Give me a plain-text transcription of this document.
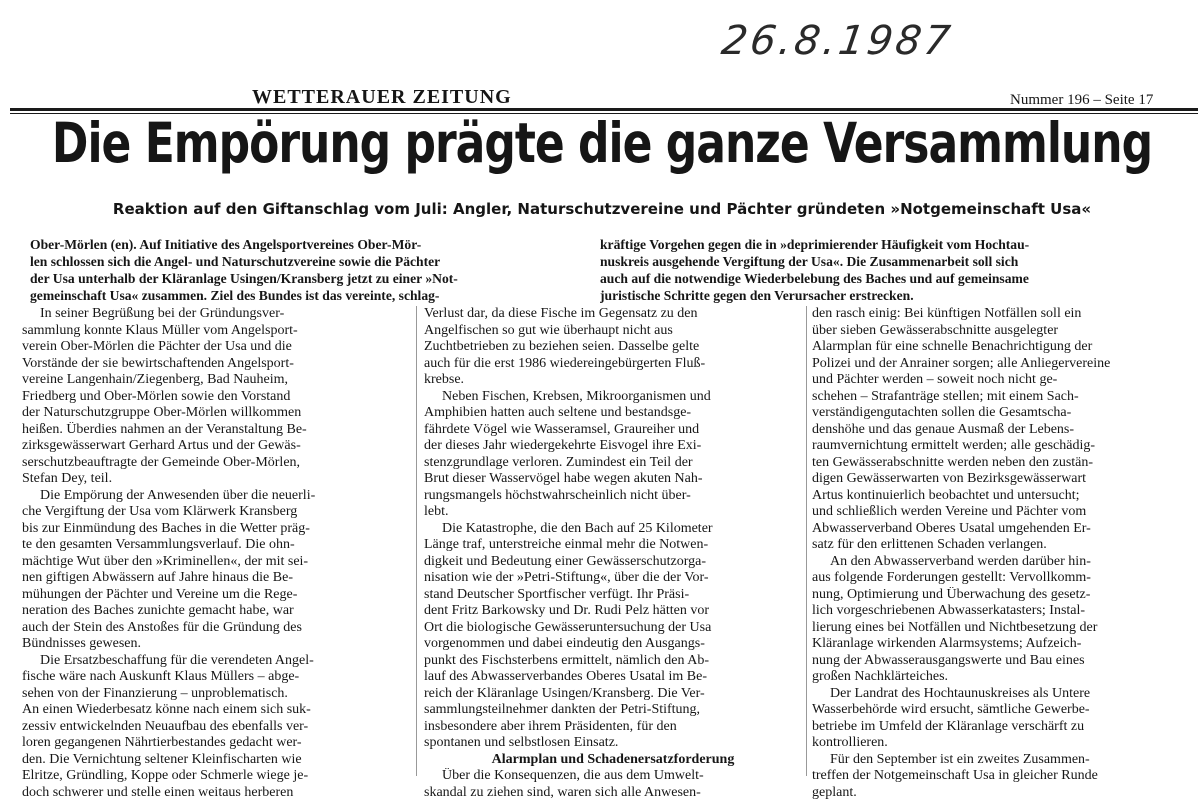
26.8.1987
WETTERAUER ZEITUNG	Nummer 196 – Seite 17
Die Empörung prägte die ganze Versammlung
Reaktion auf den Giftanschlag vom Juli: Angler, Naturschutzvereine und Pächter gründeten »Notgemeinschaft Usa«
Ober-Mörlen (en). Auf Initiative des Angelsportvereines Ober-Mör-
len schlossen sich die Angel- und Naturschutzvereine sowie die Pächter
der Usa unterhalb der Kläranlage Usingen/Kransberg jetzt zu einer »Not-
gemeinschaft Usa« zusammen. Ziel des Bundes ist das vereinte, schlag-
kräftige Vorgehen gegen die in »deprimierender Häufigkeit vom Hochtau-
nuskreis ausgehende Vergiftung der Usa«. Die Zusammenarbeit soll sich
auch auf die notwendige Wiederbelebung des Baches und auf gemeinsame
juristische Schritte gegen den Verursacher erstrecken.
In seiner Begrüßung bei der Gründungsver-
sammlung konnte Klaus Müller vom Angelsport-
verein Ober-Mörlen die Pächter der Usa und die
Vorstände der sie bewirtschaftenden Angelsport-
vereine Langenhain/Ziegenberg, Bad Nauheim,
Friedberg und Ober-Mörlen sowie den Vorstand
der Naturschutzgruppe Ober-Mörlen willkommen
heißen. Überdies nahmen an der Veranstaltung Be-
zirksgewässerwart Gerhard Artus und der Gewäs-
serschutzbeauftragte der Gemeinde Ober-Mörlen,
Stefan Dey, teil.
Die Empörung der Anwesenden über die neuerli-
che Vergiftung der Usa vom Klärwerk Kransberg
bis zur Einmündung des Baches in die Wetter präg-
te den gesamten Versammlungsverlauf. Die ohn-
mächtige Wut über den »Kriminellen«, der mit sei-
nen giftigen Abwässern auf Jahre hinaus die Be-
mühungen der Pächter und Vereine um die Rege-
neration des Baches zunichte gemacht habe, war
auch der Stein des Anstoßes für die Gründung des
Bündnisses gewesen.
Die Ersatzbeschaffung für die verendeten Angel-
fische wäre nach Auskunft Klaus Müllers – abge-
sehen von der Finanzierung – unproblematisch.
An einen Wiederbesatz könne nach einem sich suk-
zessiv entwickelnden Neuaufbau des ebenfalls ver-
loren gegangenen Nährtierbestandes gedacht wer-
den. Die Vernichtung seltener Kleinfischarten wie
Elritze, Gründling, Koppe oder Schmerle wiege je-
doch schwerer und stelle einen weitaus herberen
Verlust dar, da diese Fische im Gegensatz zu den
Angelfischen so gut wie überhaupt nicht aus
Zuchtbetrieben zu beziehen seien. Dasselbe gelte
auch für die erst 1986 wiedereingebürgerten Fluß-
krebse.
Neben Fischen, Krebsen, Mikroorganismen und
Amphibien hatten auch seltene und bestandsge-
fährdete Vögel wie Wasseramsel, Graureiher und
der dieses Jahr wiedergekehrte Eisvogel ihre Exi-
stenzgrundlage verloren. Zumindest ein Teil der
Brut dieser Wasservögel habe wegen akuten Nah-
rungsmangels höchstwahrscheinlich nicht über-
lebt.
Die Katastrophe, die den Bach auf 25 Kilometer
Länge traf, unterstreiche einmal mehr die Notwen-
digkeit und Bedeutung einer Gewässerschutzorga-
nisation wie der »Petri-Stiftung«, über die der Vor-
stand Deutscher Sportfischer verfügt. Ihr Präsi-
dent Fritz Barkowsky und Dr. Rudi Pelz hätten vor
Ort die biologische Gewässeruntersuchung der Usa
vorgenommen und dabei eindeutig den Ausgangs-
punkt des Fischsterbens ermittelt, nämlich den Ab-
lauf des Abwasserverbandes Oberes Usatal im Be-
reich der Kläranlage Usingen/Kransberg. Die Ver-
sammlungsteilnehmer dankten der Petri-Stiftung,
insbesondere aber ihrem Präsidenten, für den
spontanen und selbstlosen Einsatz.
Alarmplan und Schadenersatzforderung
Über die Konsequenzen, die aus dem Umwelt-
skandal zu ziehen sind, waren sich alle Anwesen-
den rasch einig: Bei künftigen Notfällen soll ein
über sieben Gewässerabschnitte ausgelegter
Alarmplan für eine schnelle Benachrichtigung der
Polizei und der Anrainer sorgen; alle Anliegervereine
und Pächter werden – soweit noch nicht ge-
schehen – Strafanträge stellen; mit einem Sach-
verständigengutachten sollen die Gesamtscha-
denshöhe und das genaue Ausmaß der Lebens-
raumvernichtung ermittelt werden; alle geschädig-
ten Gewässerabschnitte werden neben den zustän-
digen Gewässerwarten von Bezirksgewässerwart
Artus kontinuierlich beobachtet und untersucht;
und schließlich werden Vereine und Pächter vom
Abwasserverband Oberes Usatal umgehenden Er-
satz für den erlittenen Schaden verlangen.
An den Abwasserverband werden darüber hin-
aus folgende Forderungen gestellt: Vervollkomm-
nung, Optimierung und Überwachung des gesetz-
lich vorgeschriebenen Abwasserkatasters; Instal-
lierung eines bei Notfällen und Nichtbesetzung der
Kläranlage wirkenden Alarmsystems; Aufzeich-
nung der Abwasserausgangswerte und Bau eines
großen Nachklärteiches.
Der Landrat des Hochtaunuskreises als Untere
Wasserbehörde wird ersucht, sämtliche Gewerbe-
betriebe im Umfeld der Kläranlage verschärft zu
kontrollieren.
Für den September ist ein zweites Zusammen-
treffen der Notgemeinschaft Usa in gleicher Runde
geplant.
